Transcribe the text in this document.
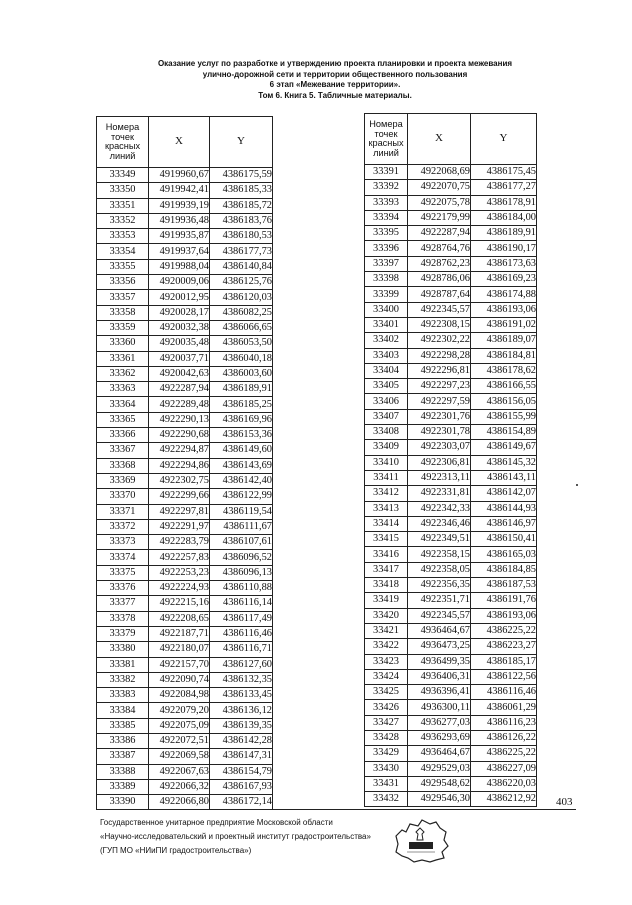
Оказание услуг по разработке и утверждению проекта планировки и проекта межевания
улично-дорожной сети и территории общественного пользования
6 этап «Межевание территории».
Том 6. Книга 5. Табличные материалы.
Номера точек красных линий	X	Y
33349	4919960,67	4386175,59
33350	4919942,41	4386185,33
33351	4919939,19	4386185,72
33352	4919936,48	4386183,76
33353	4919935,87	4386180,53
33354	4919937,64	4386177,73
33355	4919988,04	4386140,84
33356	4920009,06	4386125,76
33357	4920012,95	4386120,03
33358	4920028,17	4386082,25
33359	4920032,38	4386066,65
33360	4920035,48	4386053,50
33361	4920037,71	4386040,18
33362	4920042,63	4386003,60
33363	4922287,94	4386189,91
33364	4922289,48	4386185,25
33365	4922290,13	4386169,96
33366	4922290,68	4386153,36
33367	4922294,87	4386149,60
33368	4922294,86	4386143,69
33369	4922302,75	4386142,40
33370	4922299,66	4386122,99
33371	4922297,81	4386119,54
33372	4922291,97	4386111,67
33373	4922283,79	4386107,61
33374	4922257,83	4386096,52
33375	4922253,23	4386096,13
33376	4922224,93	4386110,88
33377	4922215,16	4386116,14
33378	4922208,65	4386117,49
33379	4922187,71	4386116,46
33380	4922180,07	4386116,71
33381	4922157,70	4386127,60
33382	4922090,74	4386132,35
33383	4922084,98	4386133,45
33384	4922079,20	4386136,12
33385	4922075,09	4386139,35
33386	4922072,51	4386142,28
33387	4922069,58	4386147,31
33388	4922067,63	4386154,79
33389	4922066,32	4386167,93
33390	4922066,80	4386172,14
Номера точек красных линий	X	Y
33391	4922068,69	4386175,45
33392	4922070,75	4386177,27
33393	4922075,78	4386178,91
33394	4922179,99	4386184,00
33395	4922287,94	4386189,91
33396	4928764,76	4386190,17
33397	4928762,23	4386173,63
33398	4928786,06	4386169,23
33399	4928787,64	4386174,88
33400	4922345,57	4386193,06
33401	4922308,15	4386191,02
33402	4922302,22	4386189,07
33403	4922298,28	4386184,81
33404	4922296,81	4386178,62
33405	4922297,23	4386166,55
33406	4922297,59	4386156,05
33407	4922301,76	4386155,99
33408	4922301,78	4386154,89
33409	4922303,07	4386149,67
33410	4922306,81	4386145,32
33411	4922313,11	4386143,11
33412	4922331,81	4386142,07
33413	4922342,33	4386144,93
33414	4922346,46	4386146,97
33415	4922349,51	4386150,41
33416	4922358,15	4386165,03
33417	4922358,05	4386184,85
33418	4922356,35	4386187,53
33419	4922351,71	4386191,76
33420	4922345,57	4386193,06
33421	4936464,67	4386225,22
33422	4936473,25	4386223,27
33423	4936499,35	4386185,17
33424	4936406,31	4386122,56
33425	4936396,41	4386116,46
33426	4936300,11	4386061,29
33427	4936277,03	4386116,23
33428	4936293,69	4386126,22
33429	4936464,67	4386225,22
33430	4929529,03	4386227,09
33431	4929548,62	4386220,03
33432	4929546,30	4386212,92 403
Государственное унитарное предприятие Московской области
«Научно-исследовательский и проектный институт градостроительства»
(ГУП МО «НИиПИ градостроительства»)
